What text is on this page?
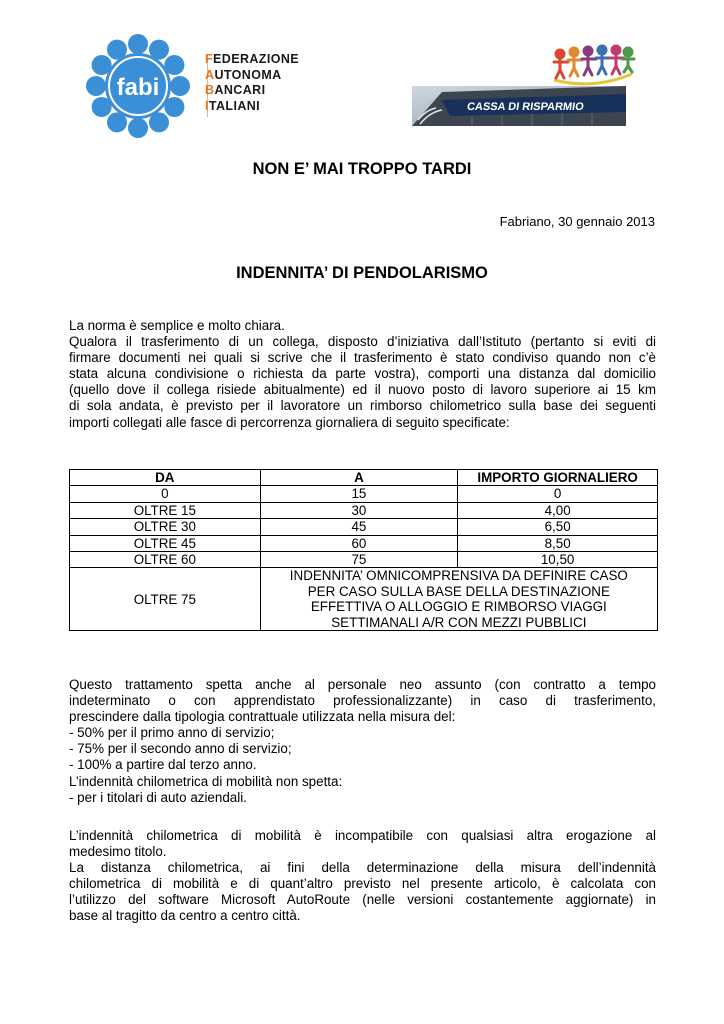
fabi
FEDERAZIONE
AUTONOMA
BANCARI
ITALIANI	CASSA DI RISPARMIO
NON E’ MAI TROPPO TARDI
Fabriano, 30 gennaio 2013
INDENNITA’ DI PENDOLARISMO
La norma è semplice e molto chiara.
Qualora il trasferimento di un collega, disposto d’iniziativa dall’Istituto (pertanto si eviti di
firmare documenti nei quali si scrive che il trasferimento è stato condiviso quando non c’è
stata alcuna condivisione o richiesta da parte vostra), comporti una distanza dal domicilio
(quello dove il collega risiede abitualmente) ed il nuovo posto di lavoro superiore ai 15 km
di sola andata, è previsto per il lavoratore un rimborso chilometrico sulla base dei seguenti
importi collegati alle fasce di percorrenza giornaliera di seguito specificate:
DA	A	IMPORTO GIORNALIERO
0	15	0
OLTRE 15	30	4,00
OLTRE 30	45	6,50
OLTRE 45	60	8,50
OLTRE 60	75	10,50
OLTRE 75	INDENNITA’ OMNICOMPRENSIVA DA DEFINIRE CASO
PER CASO SULLA BASE DELLA DESTINAZIONE
EFFETTIVA O ALLOGGIO E RIMBORSO VIAGGI
SETTIMANALI A/R CON MEZZI PUBBLICI	
Questo trattamento spetta anche al personale neo assunto (con contratto a tempo
indeterminato o con apprendistato professionalizzante) in caso di trasferimento,
prescindere dalla tipologia contrattuale utilizzata nella misura del:
- 50% per il primo anno di servizio;
- 75% per il secondo anno di servizio;
- 100% a partire dal terzo anno.
L’indennità chilometrica di mobilità non spetta:
- per i titolari di auto aziendali.
L’indennità chilometrica di mobilità è incompatibile con qualsiasi altra erogazione al
medesimo titolo.
La distanza chilometrica, ai fini della determinazione della misura dell’indennità
chilometrica di mobilità e di quant’altro previsto nel presente articolo, è calcolata con
l’utilizzo del software Microsoft AutoRoute (nelle versioni costantemente aggiornate) in
base al tragitto da centro a centro città.
